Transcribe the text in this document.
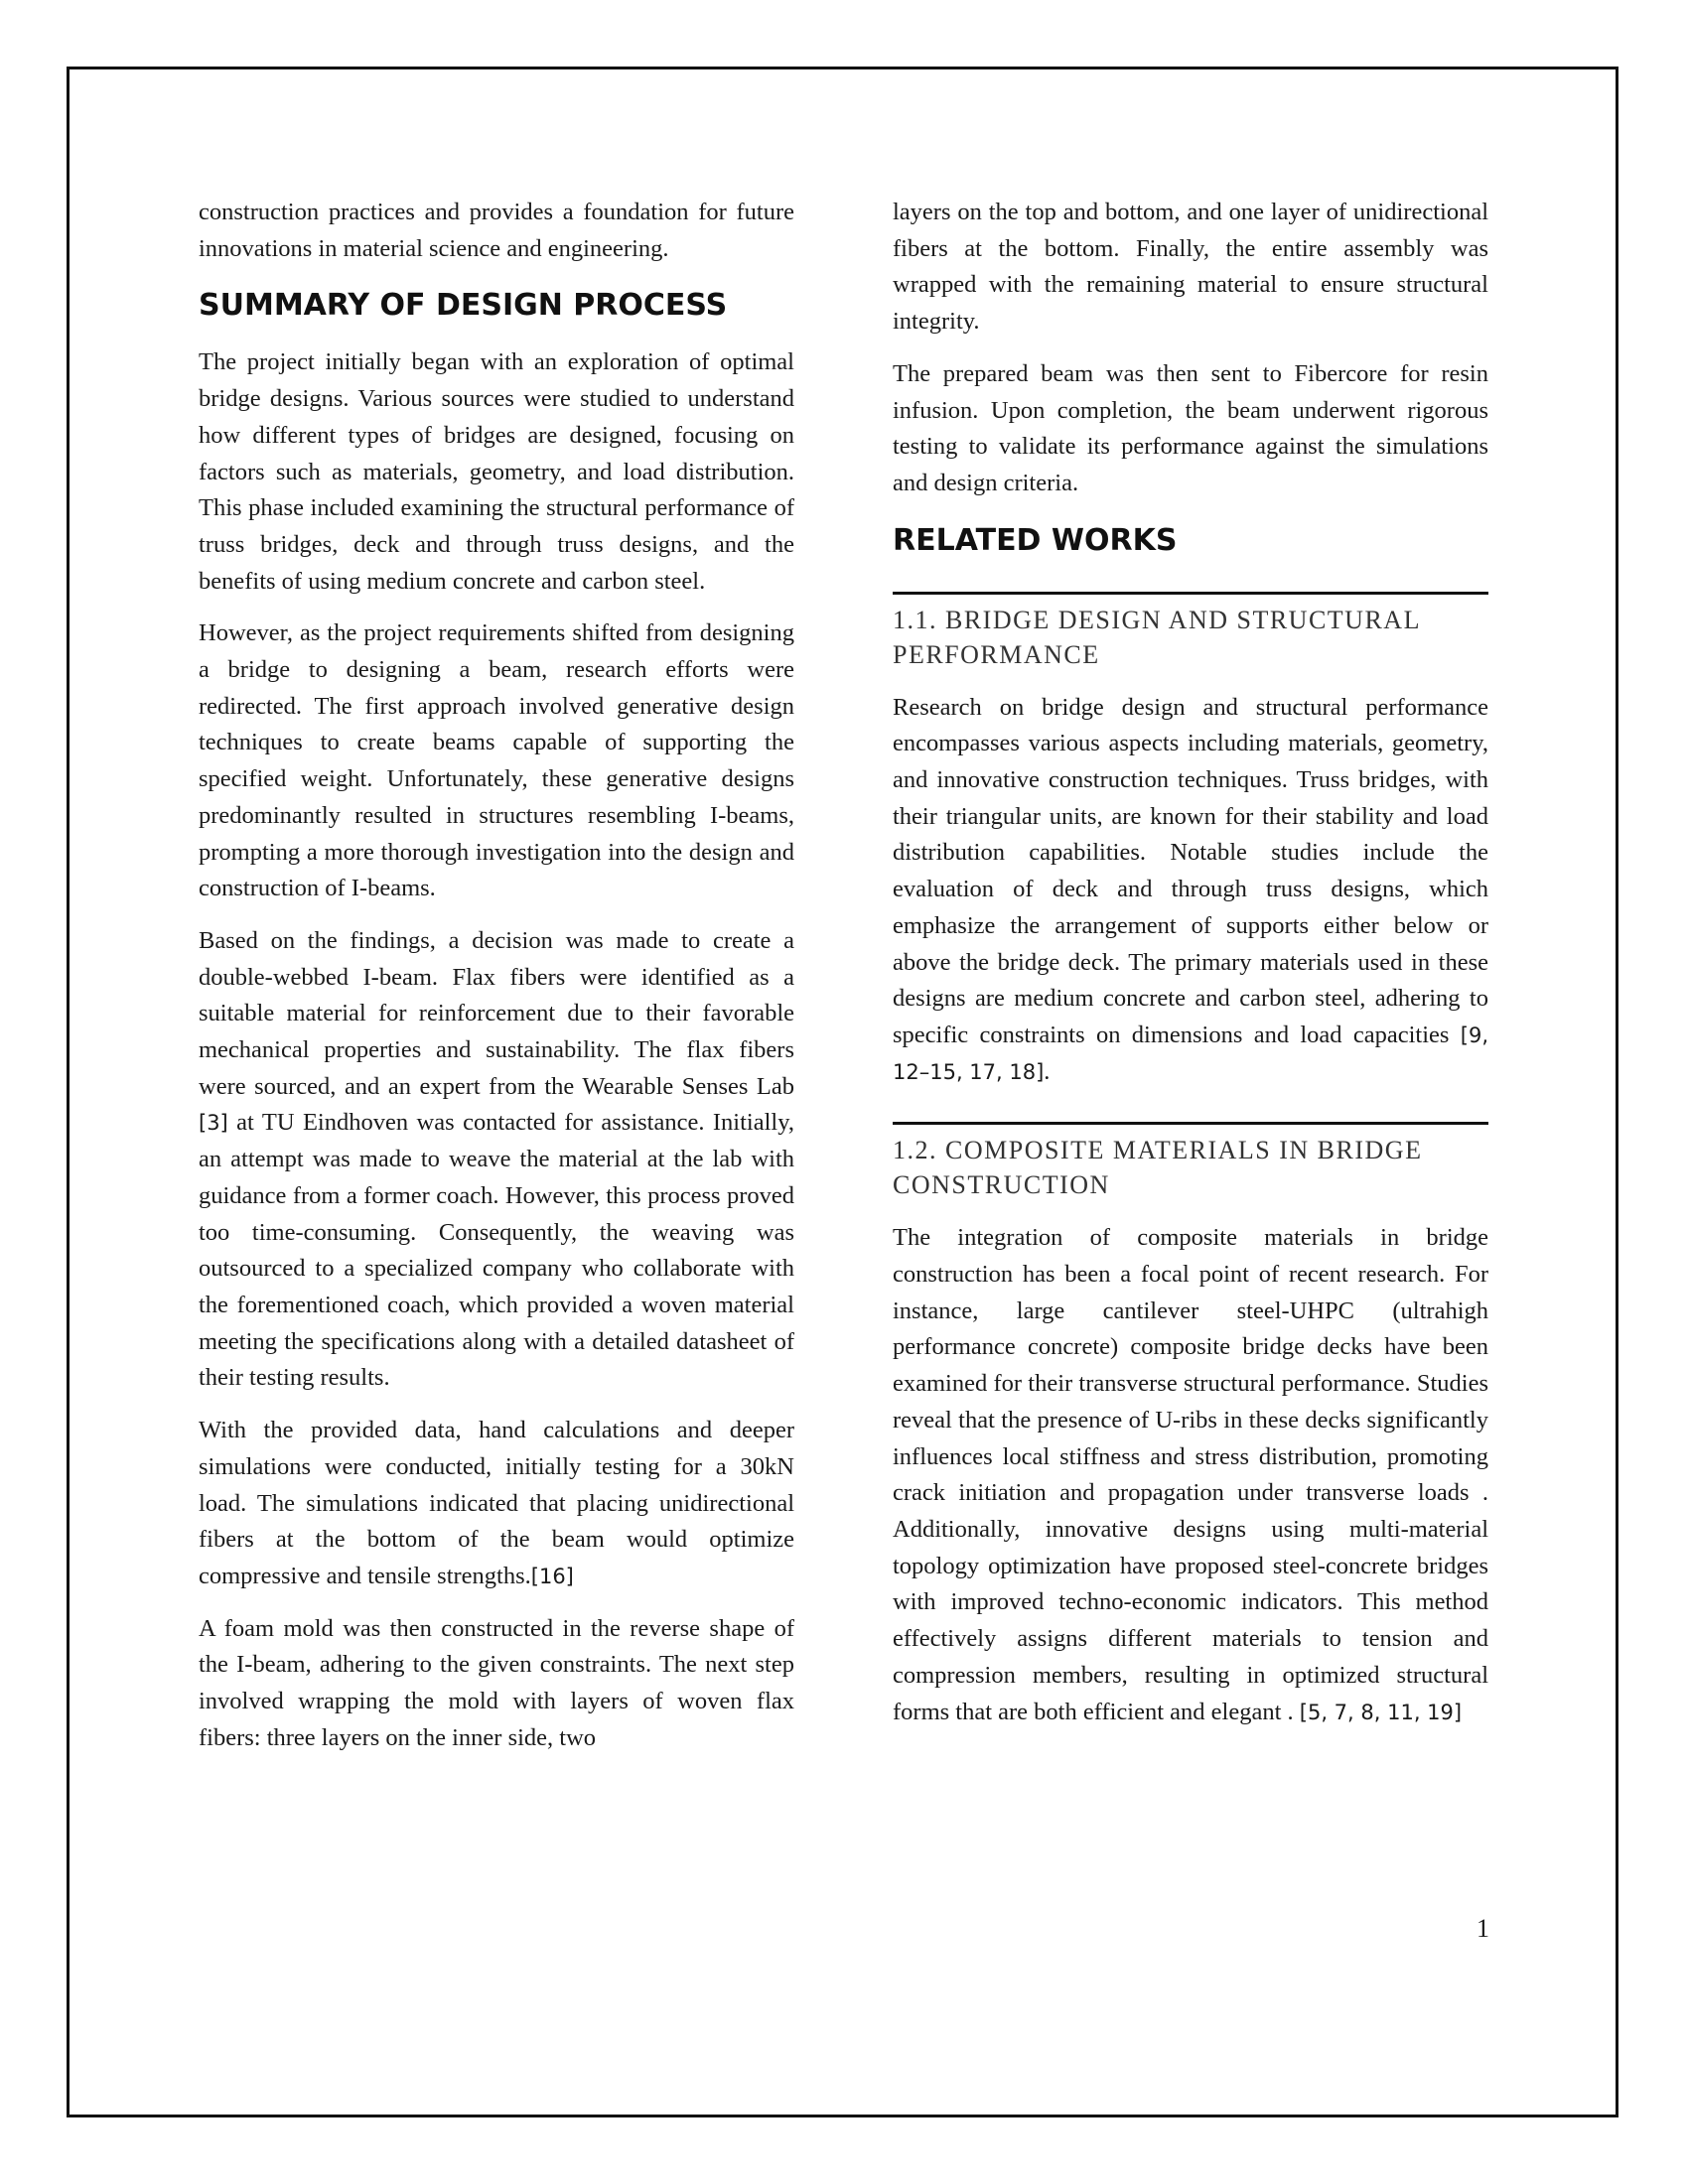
construction practices and provides a foundation for future innovations in material science and engineering.

SUMMARY OF DESIGN PROCESS

The project initially began with an exploration of optimal bridge designs. Various sources were studied to understand how different types of bridges are designed, focusing on factors such as materials, geometry, and load distribution. This phase included examining the structural performance of truss bridges, deck and through truss designs, and the benefits of using medium concrete and carbon steel.

However, as the project requirements shifted from designing a bridge to designing a beam, research efforts were redirected. The first approach involved generative design techniques to create beams capable of supporting the specified weight. Unfortunately, these generative designs predominantly resulted in structures resembling I-beams, prompting a more thorough investigation into the design and construction of I-beams.

Based on the findings, a decision was made to create a double-webbed I-beam. Flax fibers were identified as a suitable material for reinforcement due to their favorable mechanical properties and sustainability. The flax fibers were sourced, and an expert from the Wearable Senses Lab [3] at TU Eindhoven was contacted for assistance. Initially, an attempt was made to weave the material at the lab with guidance from a former coach. However, this process proved too time-consuming. Consequently, the weaving was outsourced to a specialized company who collaborate with the forementioned coach, which provided a woven material meeting the specifications along with a detailed datasheet of their testing results.

With the provided data, hand calculations and deeper simulations were conducted, initially testing for a 30kN load. The simulations indicated that placing unidirectional fibers at the bottom of the beam would optimize compressive and tensile strengths.[16]

A foam mold was then constructed in the reverse shape of the I-beam, adhering to the given constraints. The next step involved wrapping the mold with layers of woven flax fibers: three layers on the inner side, two

layers on the top and bottom, and one layer of unidirectional fibers at the bottom. Finally, the entire assembly was wrapped with the remaining material to ensure structural integrity.

The prepared beam was then sent to Fibercore for resin infusion. Upon completion, the beam underwent rigorous testing to validate its performance against the simulations and design criteria.

RELATED WORKS
1.1. BRIDGE DESIGN AND STRUCTURAL PERFORMANCE

Research on bridge design and structural performance encompasses various aspects including materials, geometry, and innovative construction techniques. Truss bridges, with their triangular units, are known for their stability and load distribution capabilities. Notable studies include the evaluation of deck and through truss designs, which emphasize the arrangement of supports either below or above the bridge deck. The primary materials used in these designs are medium concrete and carbon steel, adhering to specific constraints on dimensions and load capacities [9, 12–15, 17, 18].

1.2. COMPOSITE MATERIALS IN BRIDGE CONSTRUCTION

The integration of composite materials in bridge construction has been a focal point of recent research. For instance, large cantilever steel-UHPC (ultrahigh performance concrete) composite bridge decks have been examined for their transverse structural performance. Studies reveal that the presence of U-ribs in these decks significantly influences local stiffness and stress distribution, promoting crack initiation and propagation under transverse loads . Additionally, innovative designs using multi-material topology optimization have proposed steel-concrete bridges with improved techno-economic indicators. This method effectively assigns different materials to tension and compression members, resulting in optimized structural forms that are both efficient and elegant . [5, 7, 8, 11, 19]

1
